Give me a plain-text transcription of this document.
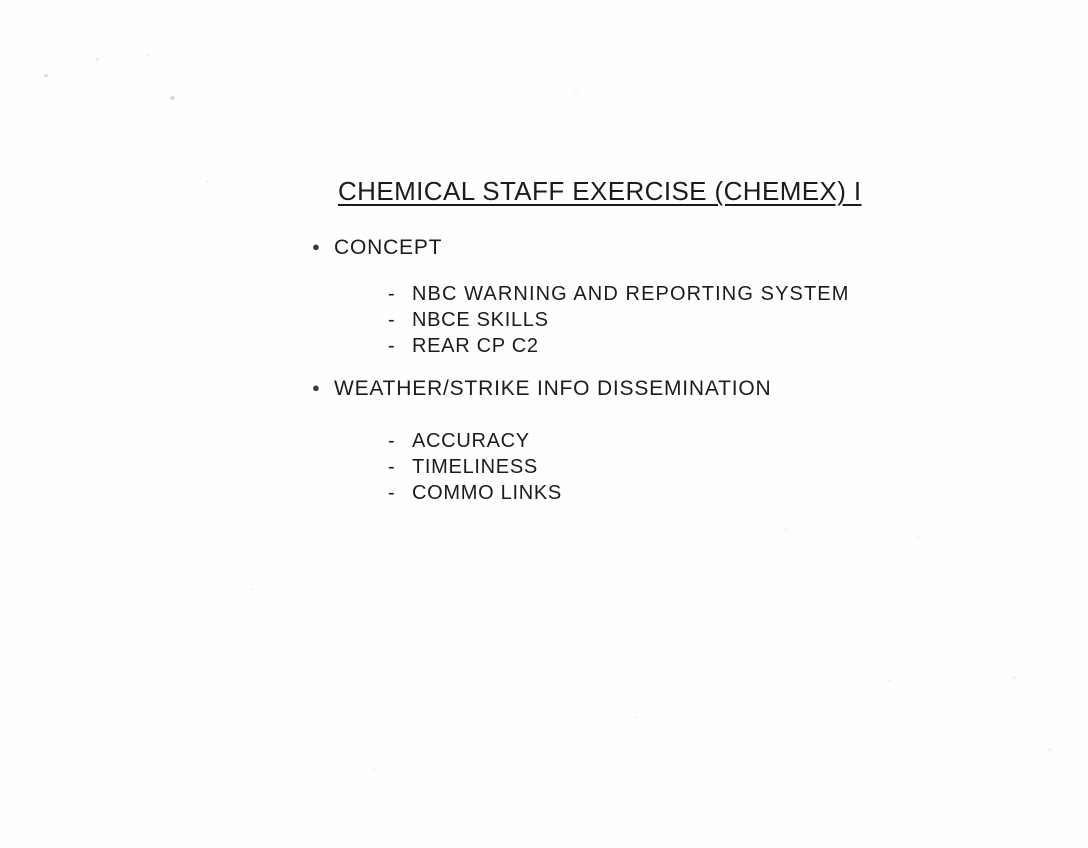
CHEMICAL STAFF EXERCISE (CHEMEX) I
● CONCEPT
- NBC WARNING AND REPORTING SYSTEM
- NBCE SKILLS
- REAR CP C2
● WEATHER/STRIKE INFO DISSEMINATION
- ACCURACY
- TIMELINESS
- COMMO LINKS
